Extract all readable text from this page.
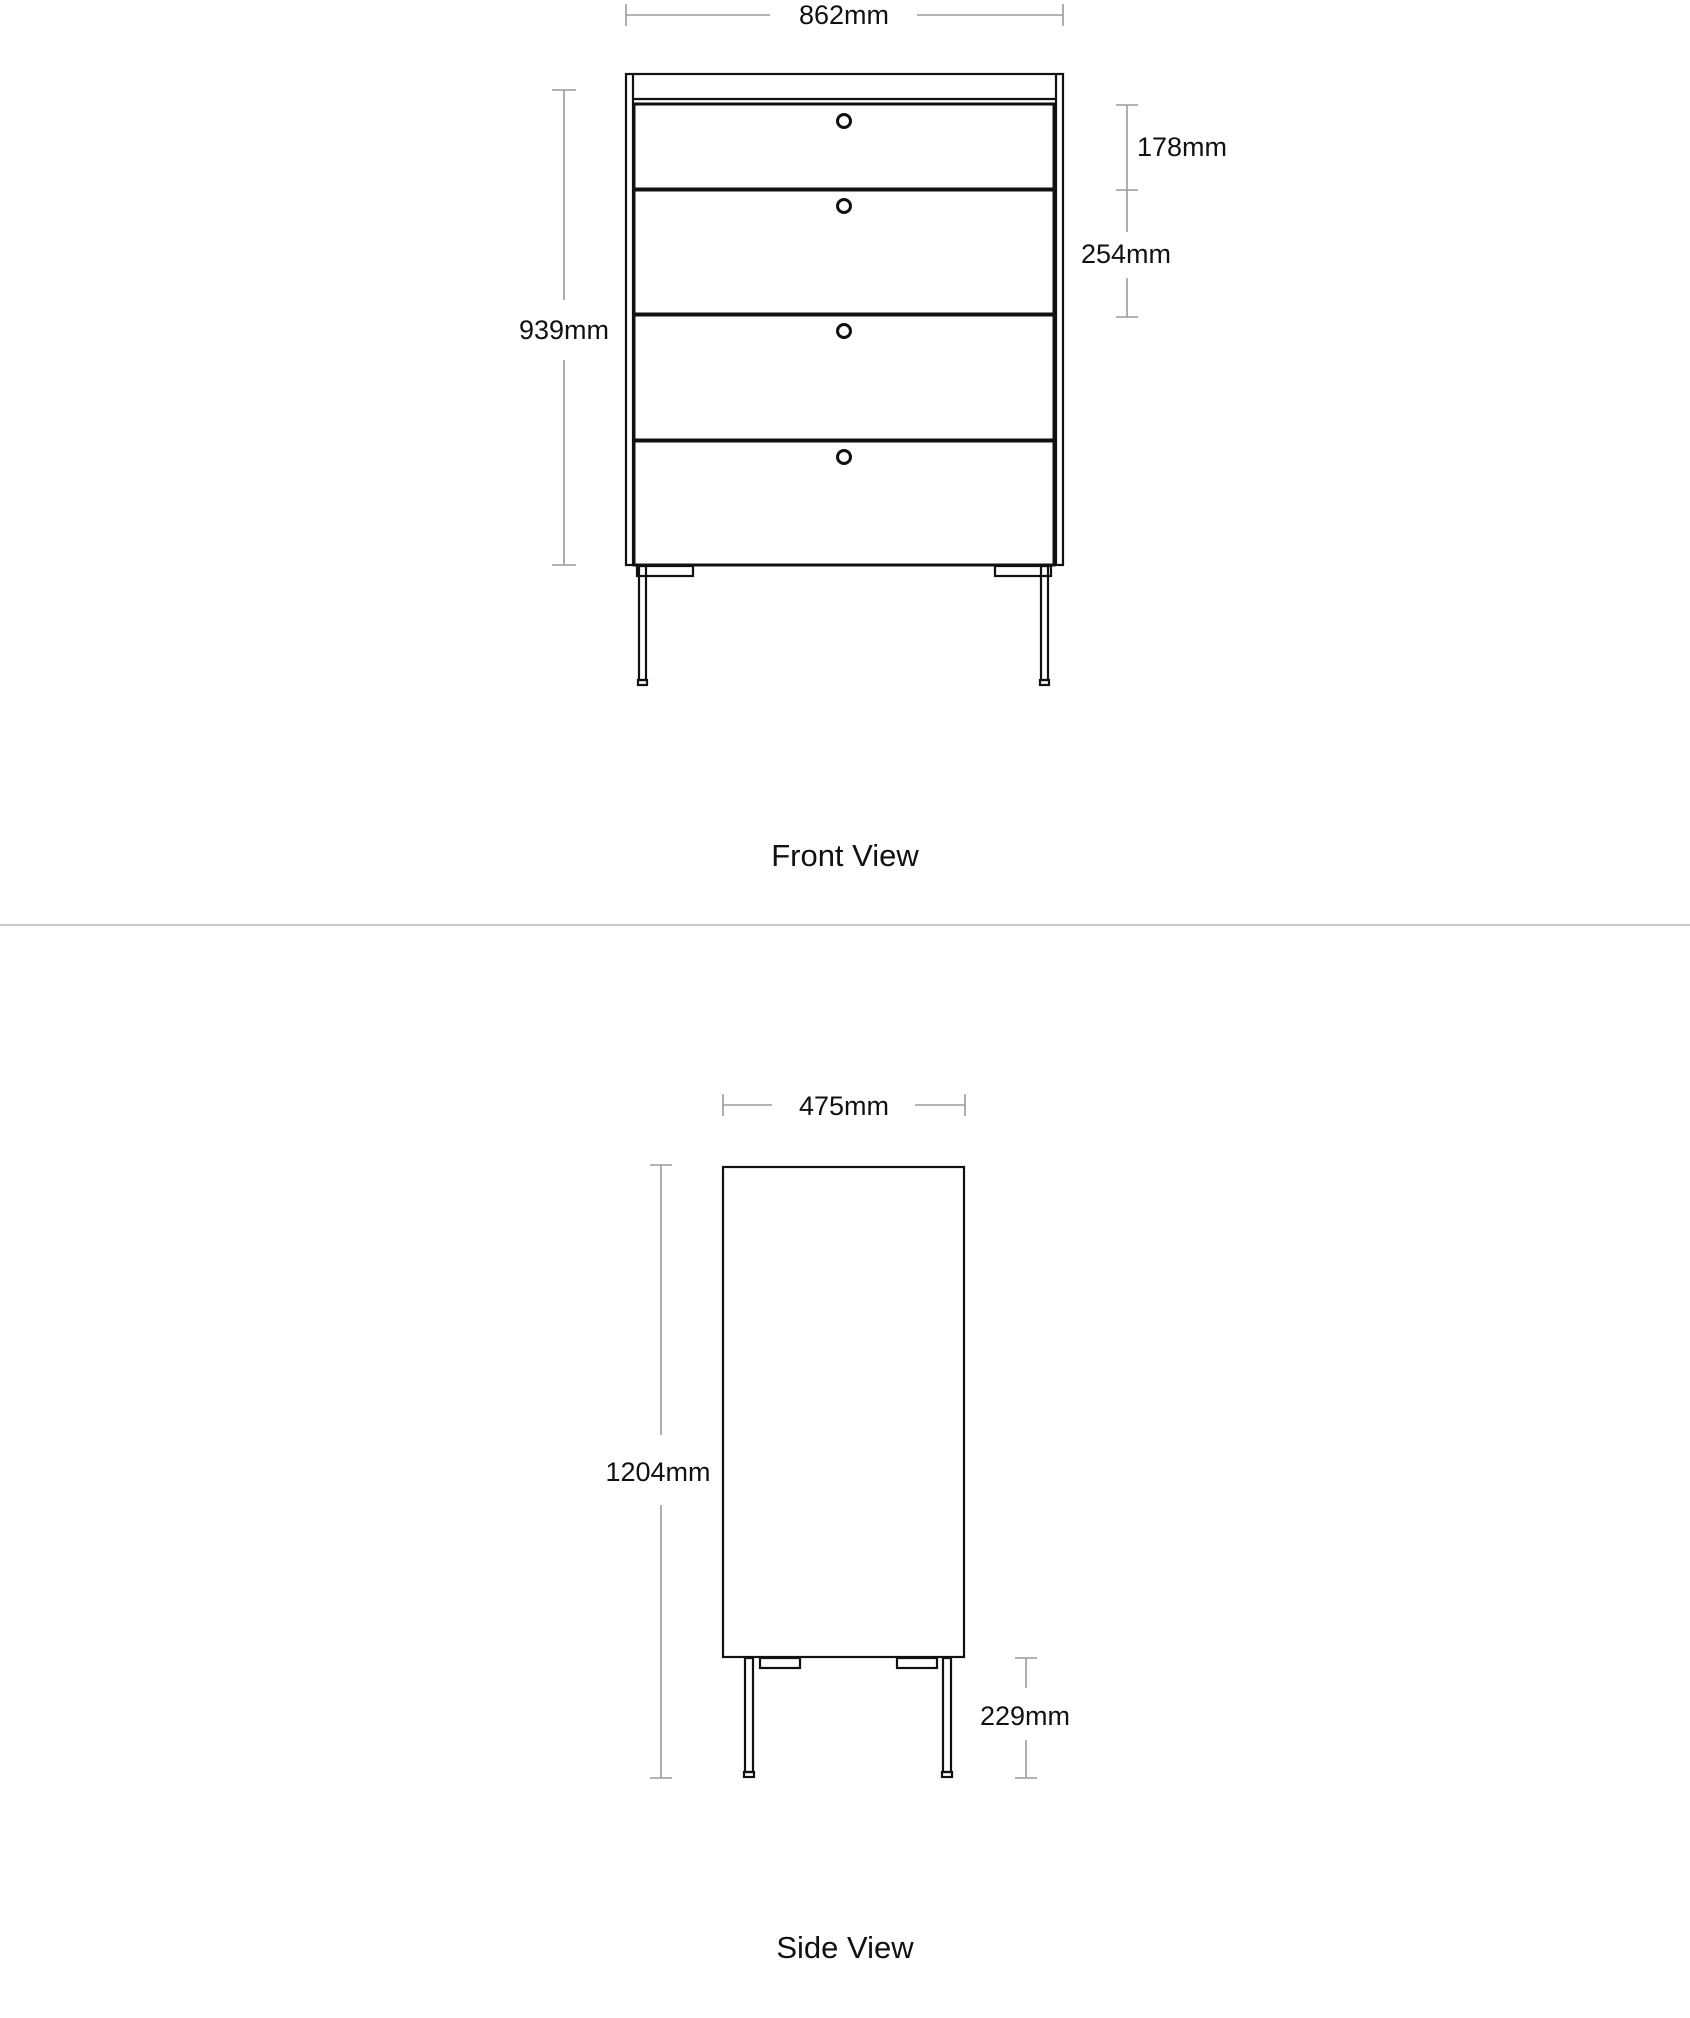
862mm
939mm
178mm
254mm
Front View
475mm
1204mm
229mm
Side View
